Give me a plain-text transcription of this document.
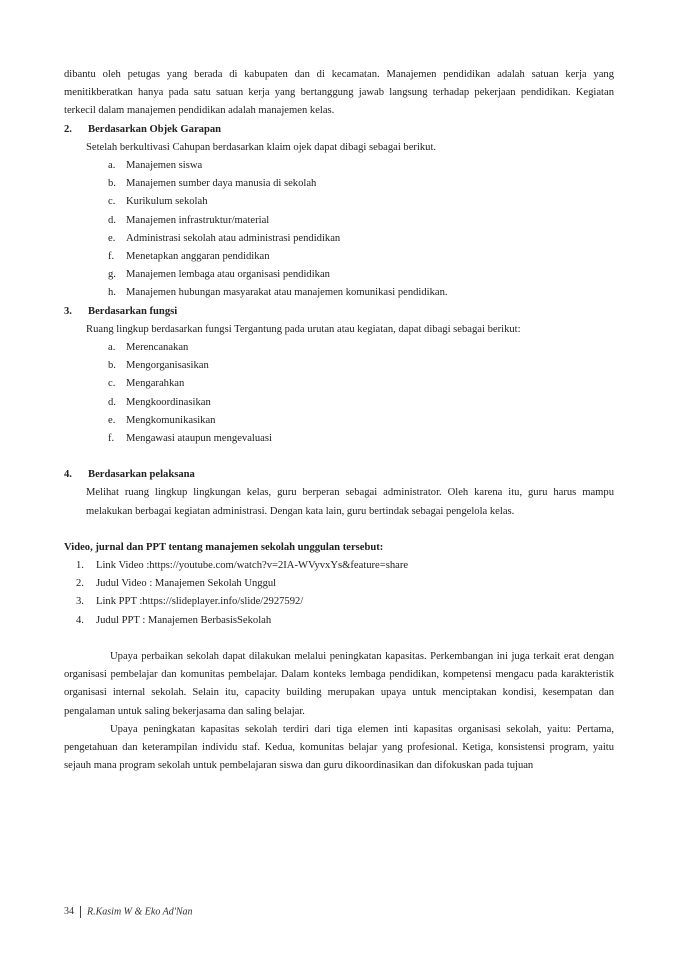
dibantu oleh petugas yang berada di kabupaten dan di kecamatan. Manajemen pendidikan adalah satuan kerja yang menitikberatkan hanya pada satu satuan kerja yang bertanggung jawab langsung terhadap pekerjaan pendidikan. Kegiatan terkecil dalam manajemen pendidikan adalah manajemen kelas.

2. Berdasarkan Objek Garapan

Setelah berkultivasi Cahupan berdasarkan klaim ojek dapat dibagi sebagai berikut.

a. Manajemen siswa
b. Manajemen sumber daya manusia di sekolah
c. Kurikulum sekolah
d. Manajemen infrastruktur/material
e. Administrasi sekolah atau administrasi pendidikan
f. Menetapkan anggaran pendidikan
g. Manajemen lembaga atau organisasi pendidikan
h. Manajemen hubungan masyarakat atau manajemen komunikasi pendidikan.

3. Berdasarkan fungsi

Ruang lingkup berdasarkan fungsi Tergantung pada urutan atau kegiatan, dapat dibagi sebagai berikut:

a. Merencanakan
b. Mengorganisasikan
c. Mengarahkan
d. Mengkoordinasikan
e. Mengkomunikasikan
f. Mengawasi ataupun mengevaluasi

4. Berdasarkan pelaksana

Melihat ruang lingkup lingkungan kelas, guru berperan sebagai administrator. Oleh karena itu, guru harus mampu melakukan berbagai kegiatan administrasi. Dengan kata lain, guru bertindak sebagai pengelola kelas.

Video, jurnal dan PPT tentang manajemen sekolah unggulan tersebut:

1. Link Video :https://youtube.com/watch?v=2IA-WVyvxYs&feature=share
2. Judul Video : Manajemen Sekolah Unggul
3. Link PPT :https://slideplayer.info/slide/2927592/
4. Judul PPT : Manajemen BerbasisSekolah

Upaya perbaikan sekolah dapat dilakukan melalui peningkatan kapasitas. Perkembangan ini juga terkait erat dengan organisasi pembelajar dan komunitas pembelajar. Dalam konteks lembaga pendidikan, kompetensi mengacu pada karakteristik organisasi internal sekolah. Selain itu, capacity building merupakan upaya untuk menciptakan kondisi, kesempatan dan pengalaman untuk saling bekerjasama dan saling belajar.

Upaya peningkatan kapasitas sekolah terdiri dari tiga elemen inti kapasitas organisasi sekolah, yaitu: Pertama, pengetahuan dan keterampilan individu staf. Kedua, komunitas belajar yang profesional. Ketiga, konsistensi program, yaitu sejauh mana program sekolah untuk pembelajaran siswa dan guru dikoordinasikan dan difokuskan pada tujuan

34 R.Kasim W & Eko Ad'Nan
